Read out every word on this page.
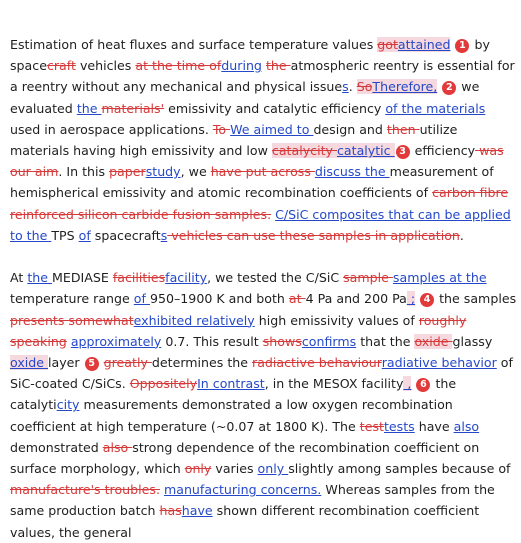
Estimation of heat fluxes and surface temperature values gotattained 1 by spacecraft vehicles at the time ofduring the atmospheric reentry is essential for a reentry without any mechanical and physical issues. SoTherefore, 2 we evaluated the materials' emissivity and catalytic efficiency of the materials used in aerospace applications. To We aimed to design and then utilize materials having high emissivity and low catalycity catalytic 3 efficiency was our aim. In this paperstudy, we have put across discuss the measurement of hemispherical emissivity and atomic recombination coefficients of carbon fibre reinforced silicon carbide fusion samples. C/SiC composites that can be applied to the TPS of spacecrafts vehicles can use these samples in application.

At the MEDIASE facilitiesfacility, we tested the C/SiC sample samples at the temperature range of 950–1900 K and both at 4 Pa and 200 Pa ; 4 the samples presents somewhatexhibited relatively high emissivity values of roughly speaking approximately 0.7. This result showsconfirms that the oxide glassy oxide layer 5 greatly determines the radiactive behaviourradiative behavior of SiC-coated C/SiCs. OppositelyIn contrast, in the MESOX facility , 6 the catalyticity measurements demonstrated a low oxygen recombination coefficient at high temperature (~0.07 at 1800 K). The testtests have also demonstrated also strong dependence of the recombination coefficient on surface morphology, which only varies only slightly among samples because of manufacture's troubles. manufacturing concerns. Whereas samples from the same production batch hashave shown different recombination coefficient values, the general
